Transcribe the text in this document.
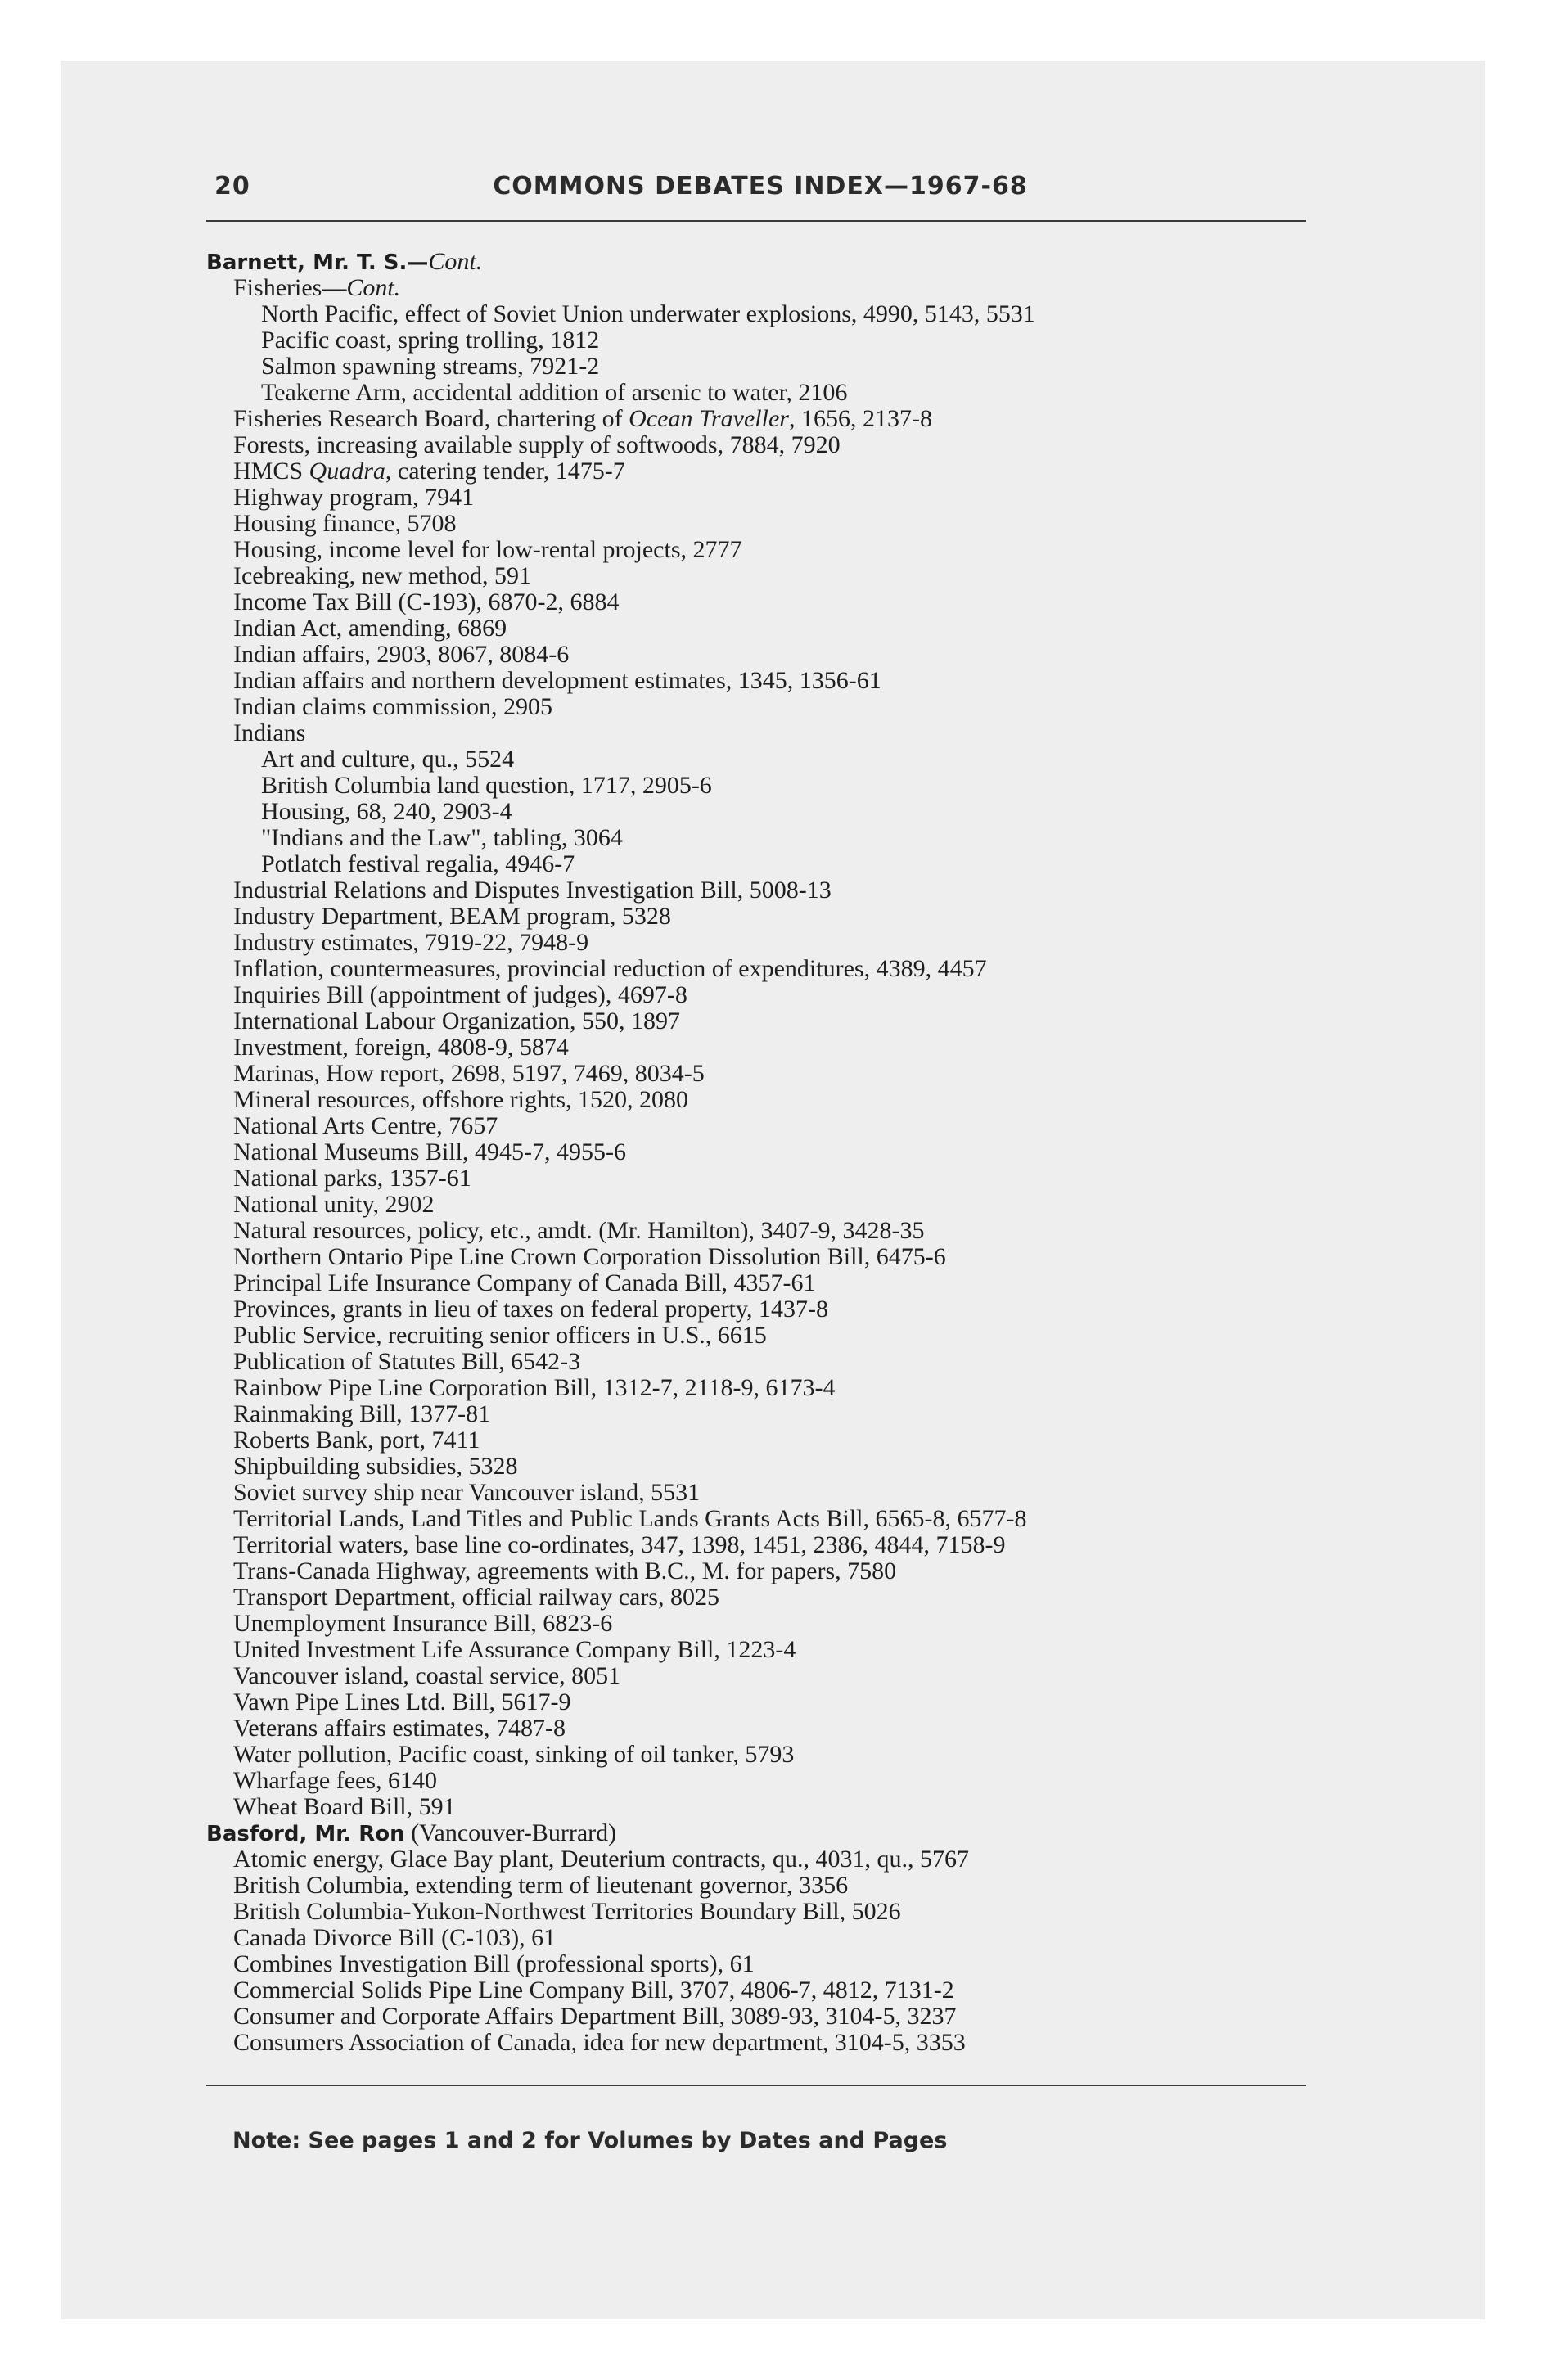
20	COMMONS DEBATES INDEX—1967-68
Barnett, Mr. T. S.—Cont.
Fisheries—Cont.
North Pacific, effect of Soviet Union underwater explosions, 4990, 5143, 5531
Pacific coast, spring trolling, 1812
Salmon spawning streams, 7921-2
Teakerne Arm, accidental addition of arsenic to water, 2106
Fisheries Research Board, chartering of Ocean Traveller, 1656, 2137-8
Forests, increasing available supply of softwoods, 7884, 7920
HMCS Quadra, catering tender, 1475-7
Highway program, 7941
Housing finance, 5708
Housing, income level for low-rental projects, 2777
Icebreaking, new method, 591
Income Tax Bill (C-193), 6870-2, 6884
Indian Act, amending, 6869
Indian affairs, 2903, 8067, 8084-6
Indian affairs and northern development estimates, 1345, 1356-61
Indian claims commission, 2905
Indians
Art and culture, qu., 5524
British Columbia land question, 1717, 2905-6
Housing, 68, 240, 2903-4
"Indians and the Law", tabling, 3064
Potlatch festival regalia, 4946-7
Industrial Relations and Disputes Investigation Bill, 5008-13
Industry Department, BEAM program, 5328
Industry estimates, 7919-22, 7948-9
Inflation, countermeasures, provincial reduction of expenditures, 4389, 4457
Inquiries Bill (appointment of judges), 4697-8
International Labour Organization, 550, 1897
Investment, foreign, 4808-9, 5874
Marinas, How report, 2698, 5197, 7469, 8034-5
Mineral resources, offshore rights, 1520, 2080
National Arts Centre, 7657
National Museums Bill, 4945-7, 4955-6
National parks, 1357-61
National unity, 2902
Natural resources, policy, etc., amdt. (Mr. Hamilton), 3407-9, 3428-35
Northern Ontario Pipe Line Crown Corporation Dissolution Bill, 6475-6
Principal Life Insurance Company of Canada Bill, 4357-61
Provinces, grants in lieu of taxes on federal property, 1437-8
Public Service, recruiting senior officers in U.S., 6615
Publication of Statutes Bill, 6542-3
Rainbow Pipe Line Corporation Bill, 1312-7, 2118-9, 6173-4
Rainmaking Bill, 1377-81
Roberts Bank, port, 7411
Shipbuilding subsidies, 5328
Soviet survey ship near Vancouver island, 5531
Territorial Lands, Land Titles and Public Lands Grants Acts Bill, 6565-8, 6577-8
Territorial waters, base line co-ordinates, 347, 1398, 1451, 2386, 4844, 7158-9
Trans-Canada Highway, agreements with B.C., M. for papers, 7580
Transport Department, official railway cars, 8025
Unemployment Insurance Bill, 6823-6
United Investment Life Assurance Company Bill, 1223-4
Vancouver island, coastal service, 8051
Vawn Pipe Lines Ltd. Bill, 5617-9
Veterans affairs estimates, 7487-8
Water pollution, Pacific coast, sinking of oil tanker, 5793
Wharfage fees, 6140
Wheat Board Bill, 591
Basford, Mr. Ron (Vancouver-Burrard)
Atomic energy, Glace Bay plant, Deuterium contracts, qu., 4031, qu., 5767
British Columbia, extending term of lieutenant governor, 3356
British Columbia-Yukon-Northwest Territories Boundary Bill, 5026
Canada Divorce Bill (C-103), 61
Combines Investigation Bill (professional sports), 61
Commercial Solids Pipe Line Company Bill, 3707, 4806-7, 4812, 7131-2
Consumer and Corporate Affairs Department Bill, 3089-93, 3104-5, 3237
Consumers Association of Canada, idea for new department, 3104-5, 3353
Note: See pages 1 and 2 for Volumes by Dates and Pages
